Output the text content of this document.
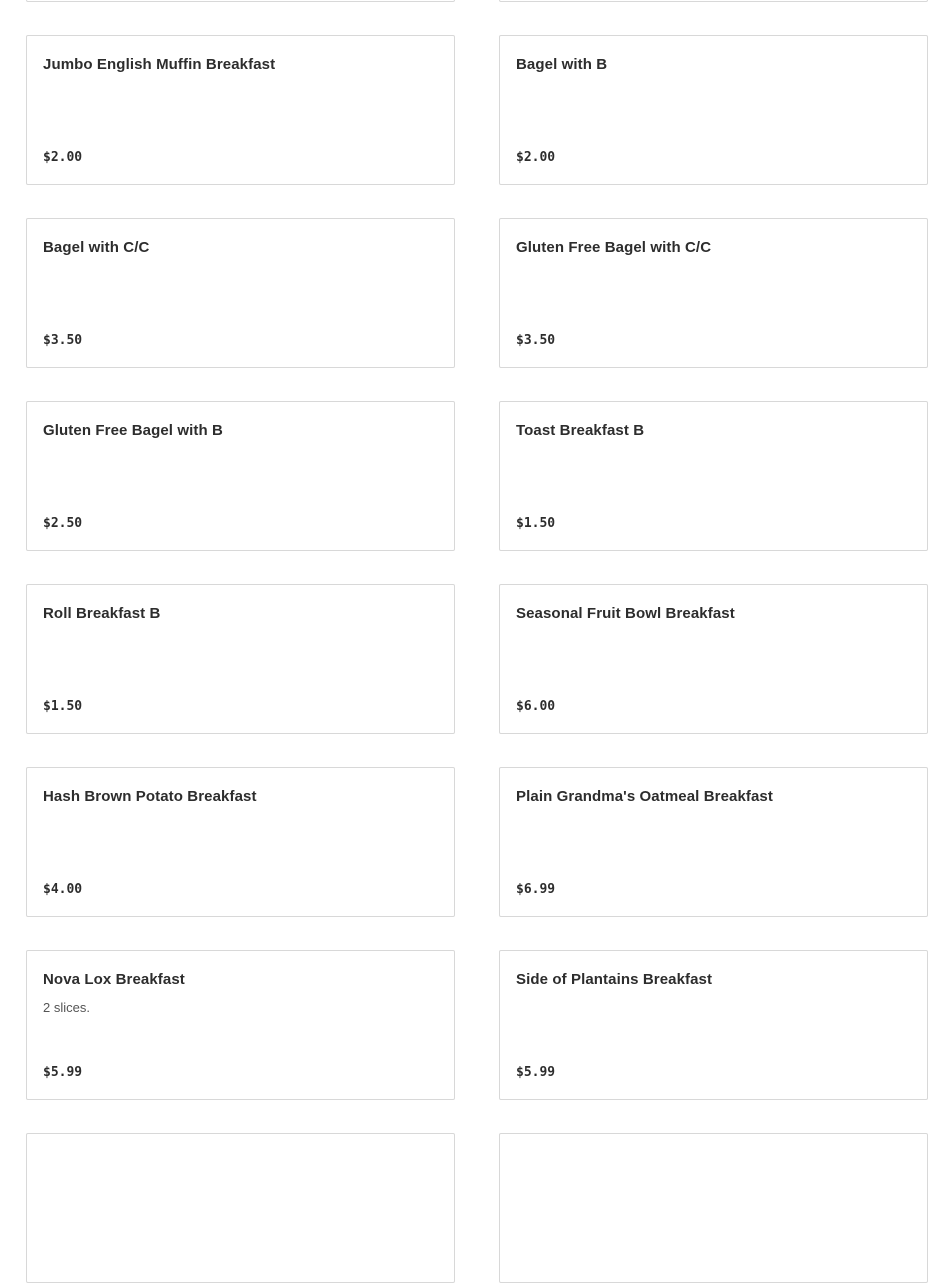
Jumbo English Muffin Breakfast
$2.00
Bagel with B
$2.00
Bagel with C/C
$3.50
Gluten Free Bagel with C/C
$3.50
Gluten Free Bagel with B
$2.50
Toast Breakfast B
$1.50
Roll Breakfast B
$1.50
Seasonal Fruit Bowl Breakfast
$6.00
Hash Brown Potato Breakfast
$4.00
Plain Grandma's Oatmeal Breakfast
$6.99
Nova Lox Breakfast
2 slices.
$5.99
Side of Plantains Breakfast
$5.99
